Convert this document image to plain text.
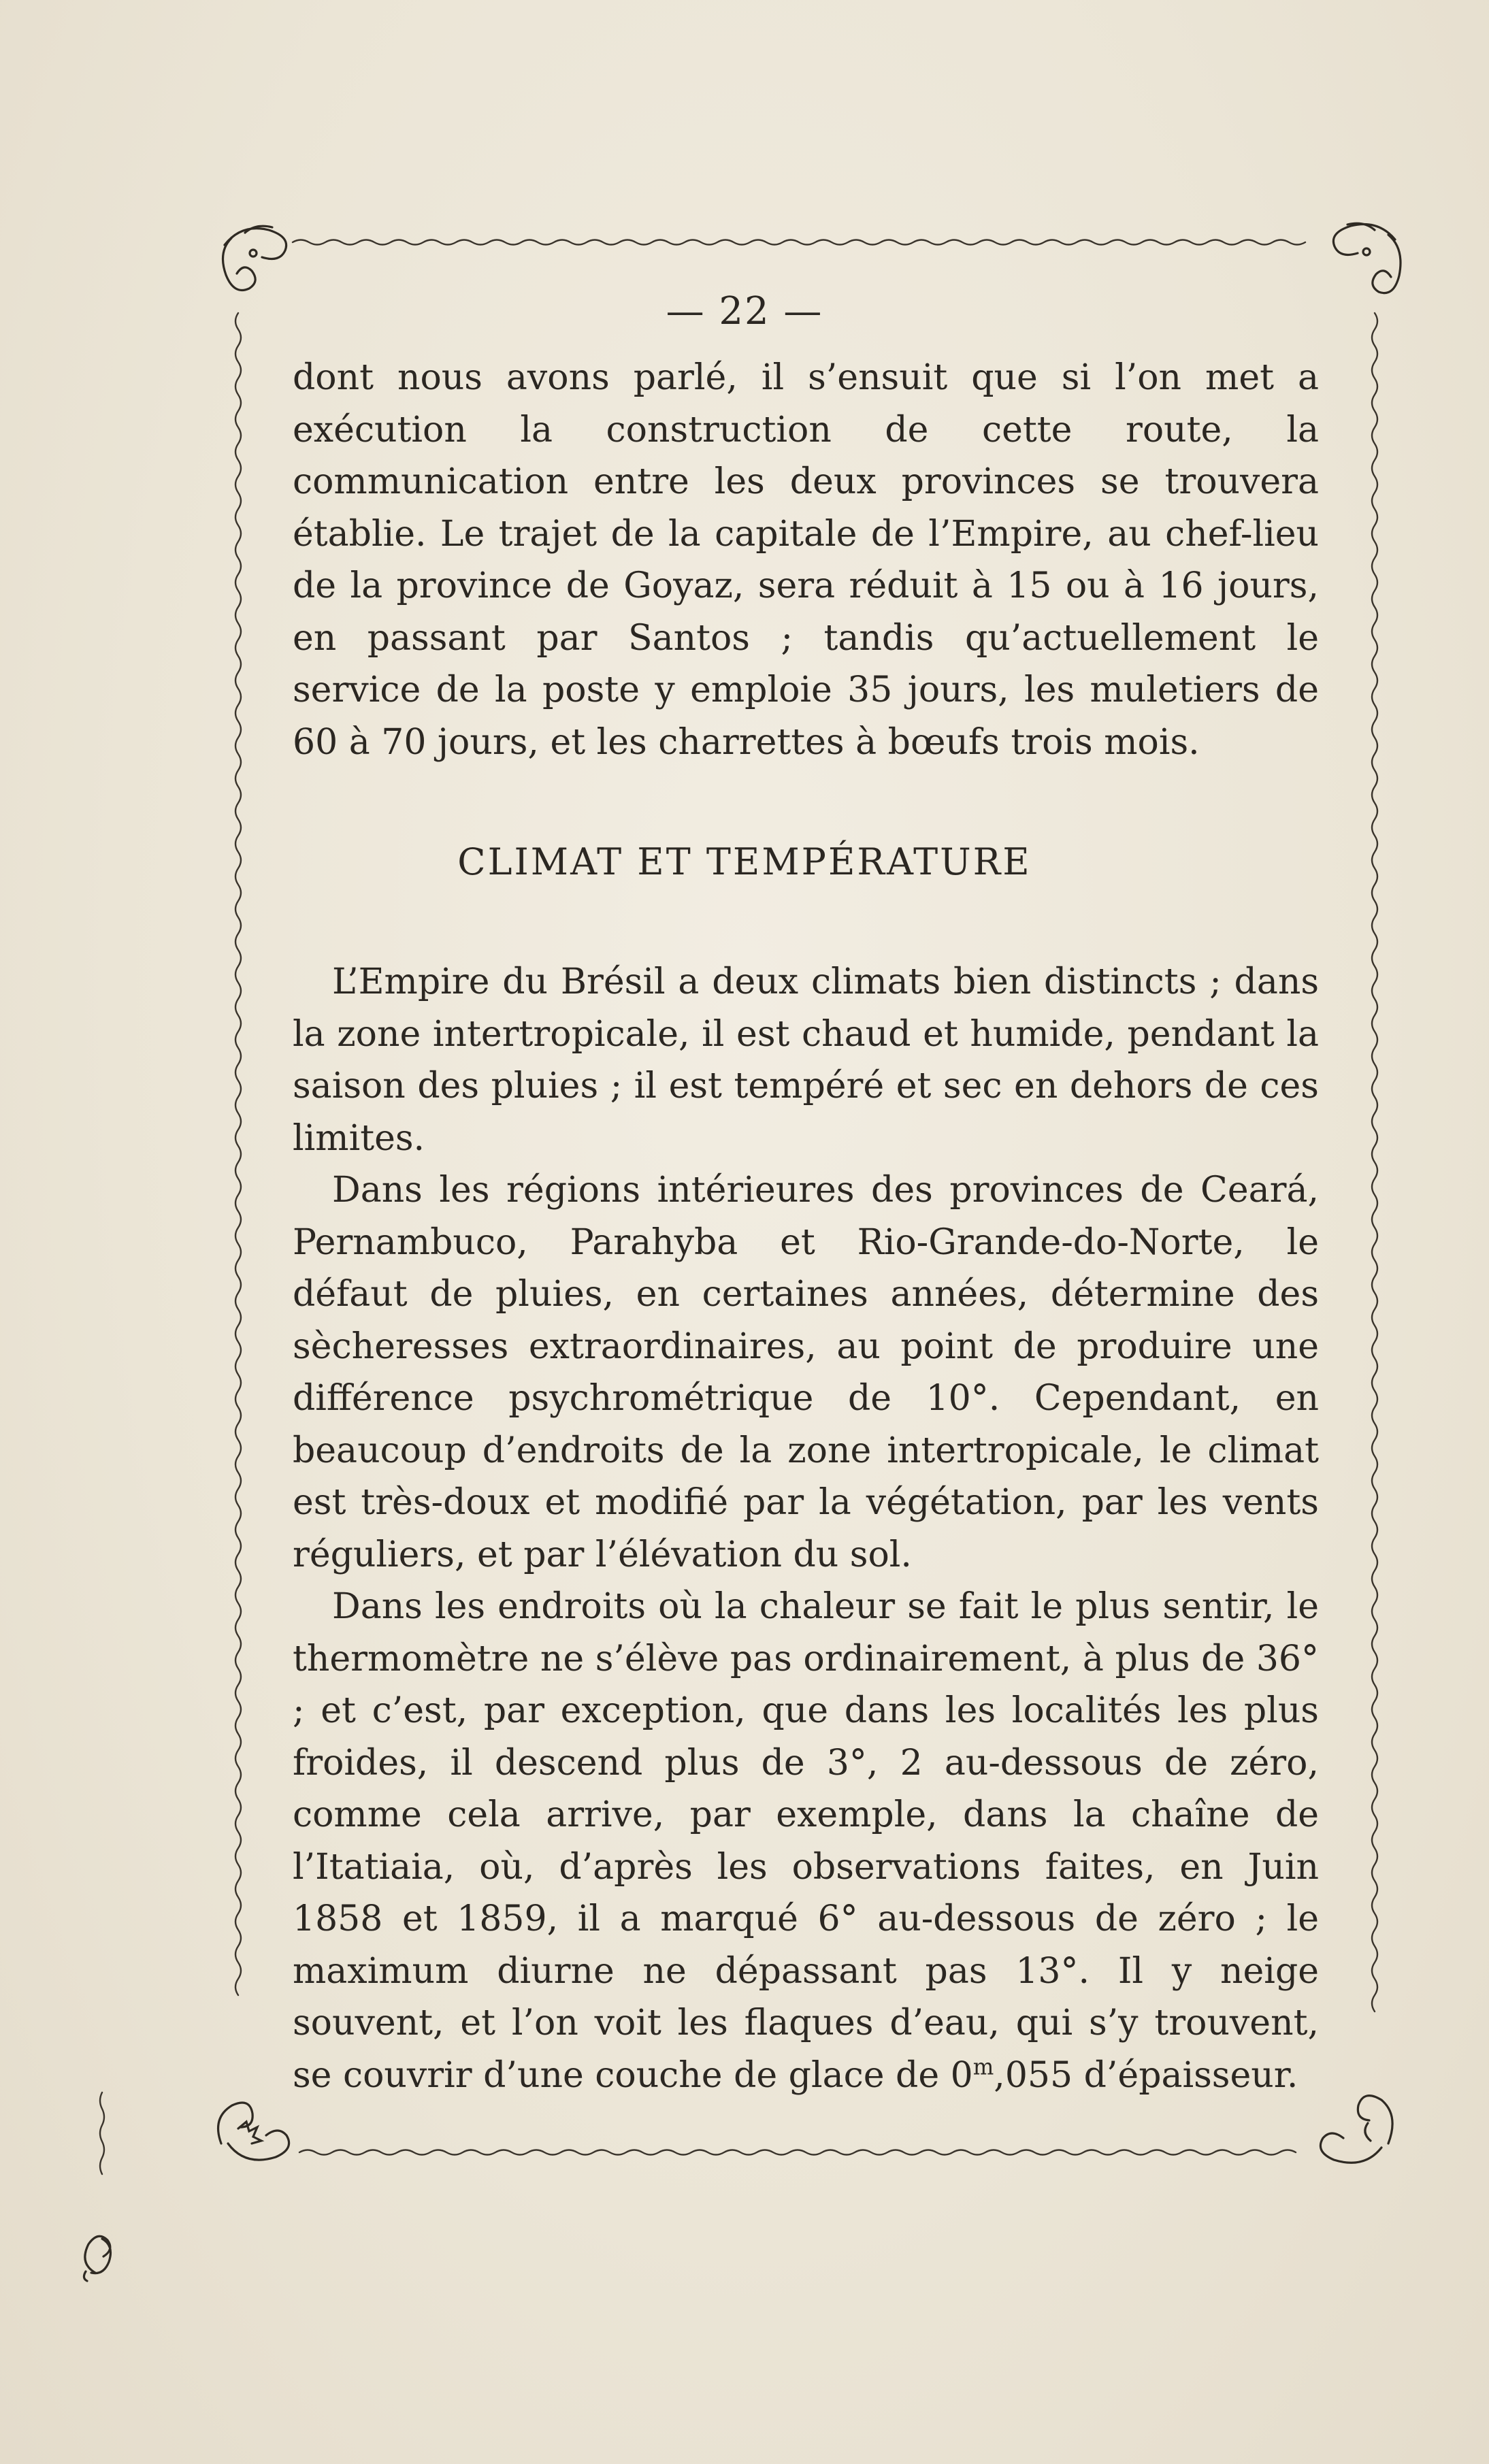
— 22 —

dont nous avons parlé, il s’ensuit que si l’on met a exécution la construction de cette route, la communication entre les deux provinces se trouvera établie. Le trajet de la capitale de l’Empire, au chef-lieu de la province de Goyaz, sera réduit à 15 ou à 16 jours, en passant par Santos ; tandis qu’actuellement le service de la poste y emploie 35 jours, les muletiers de 60 à 70 jours, et les charrettes à bœufs trois mois.

CLIMAT ET TEMPÉRATURE

L’Empire du Brésil a deux climats bien distincts ; dans la zone intertropicale, il est chaud et humide, pendant la saison des pluies ; il est tempéré et sec en dehors de ces limites.

Dans les régions intérieures des provinces de Ceará, Pernambuco, Parahyba et Rio-Grande-do-Norte, le défaut de pluies, en certaines années, détermine des sècheresses extraordinaires, au point de produire une différence psychrométrique de 10°. Cependant, en beaucoup d’endroits de la zone intertropicale, le climat est très-doux et modifié par la végétation, par les vents réguliers, et par l’élévation du sol.

Dans les endroits où la chaleur se fait le plus sentir, le thermomètre ne s’élève pas ordinairement, à plus de 36° ; et c’est, par exception, que dans les localités les plus froides, il descend plus de 3°, 2 au-dessous de zéro, comme cela arrive, par exemple, dans la chaîne de l’Itatiaia, où, d’après les observations faites, en Juin 1858 et 1859, il a marqué 6° au-dessous de zéro ; le maximum diurne ne dépassant pas 13°. Il y neige souvent, et l’on voit les flaques d’eau, qui s’y trouvent, se couvrir d’une couche de glace de 0$^m$,055 d’épaisseur.
